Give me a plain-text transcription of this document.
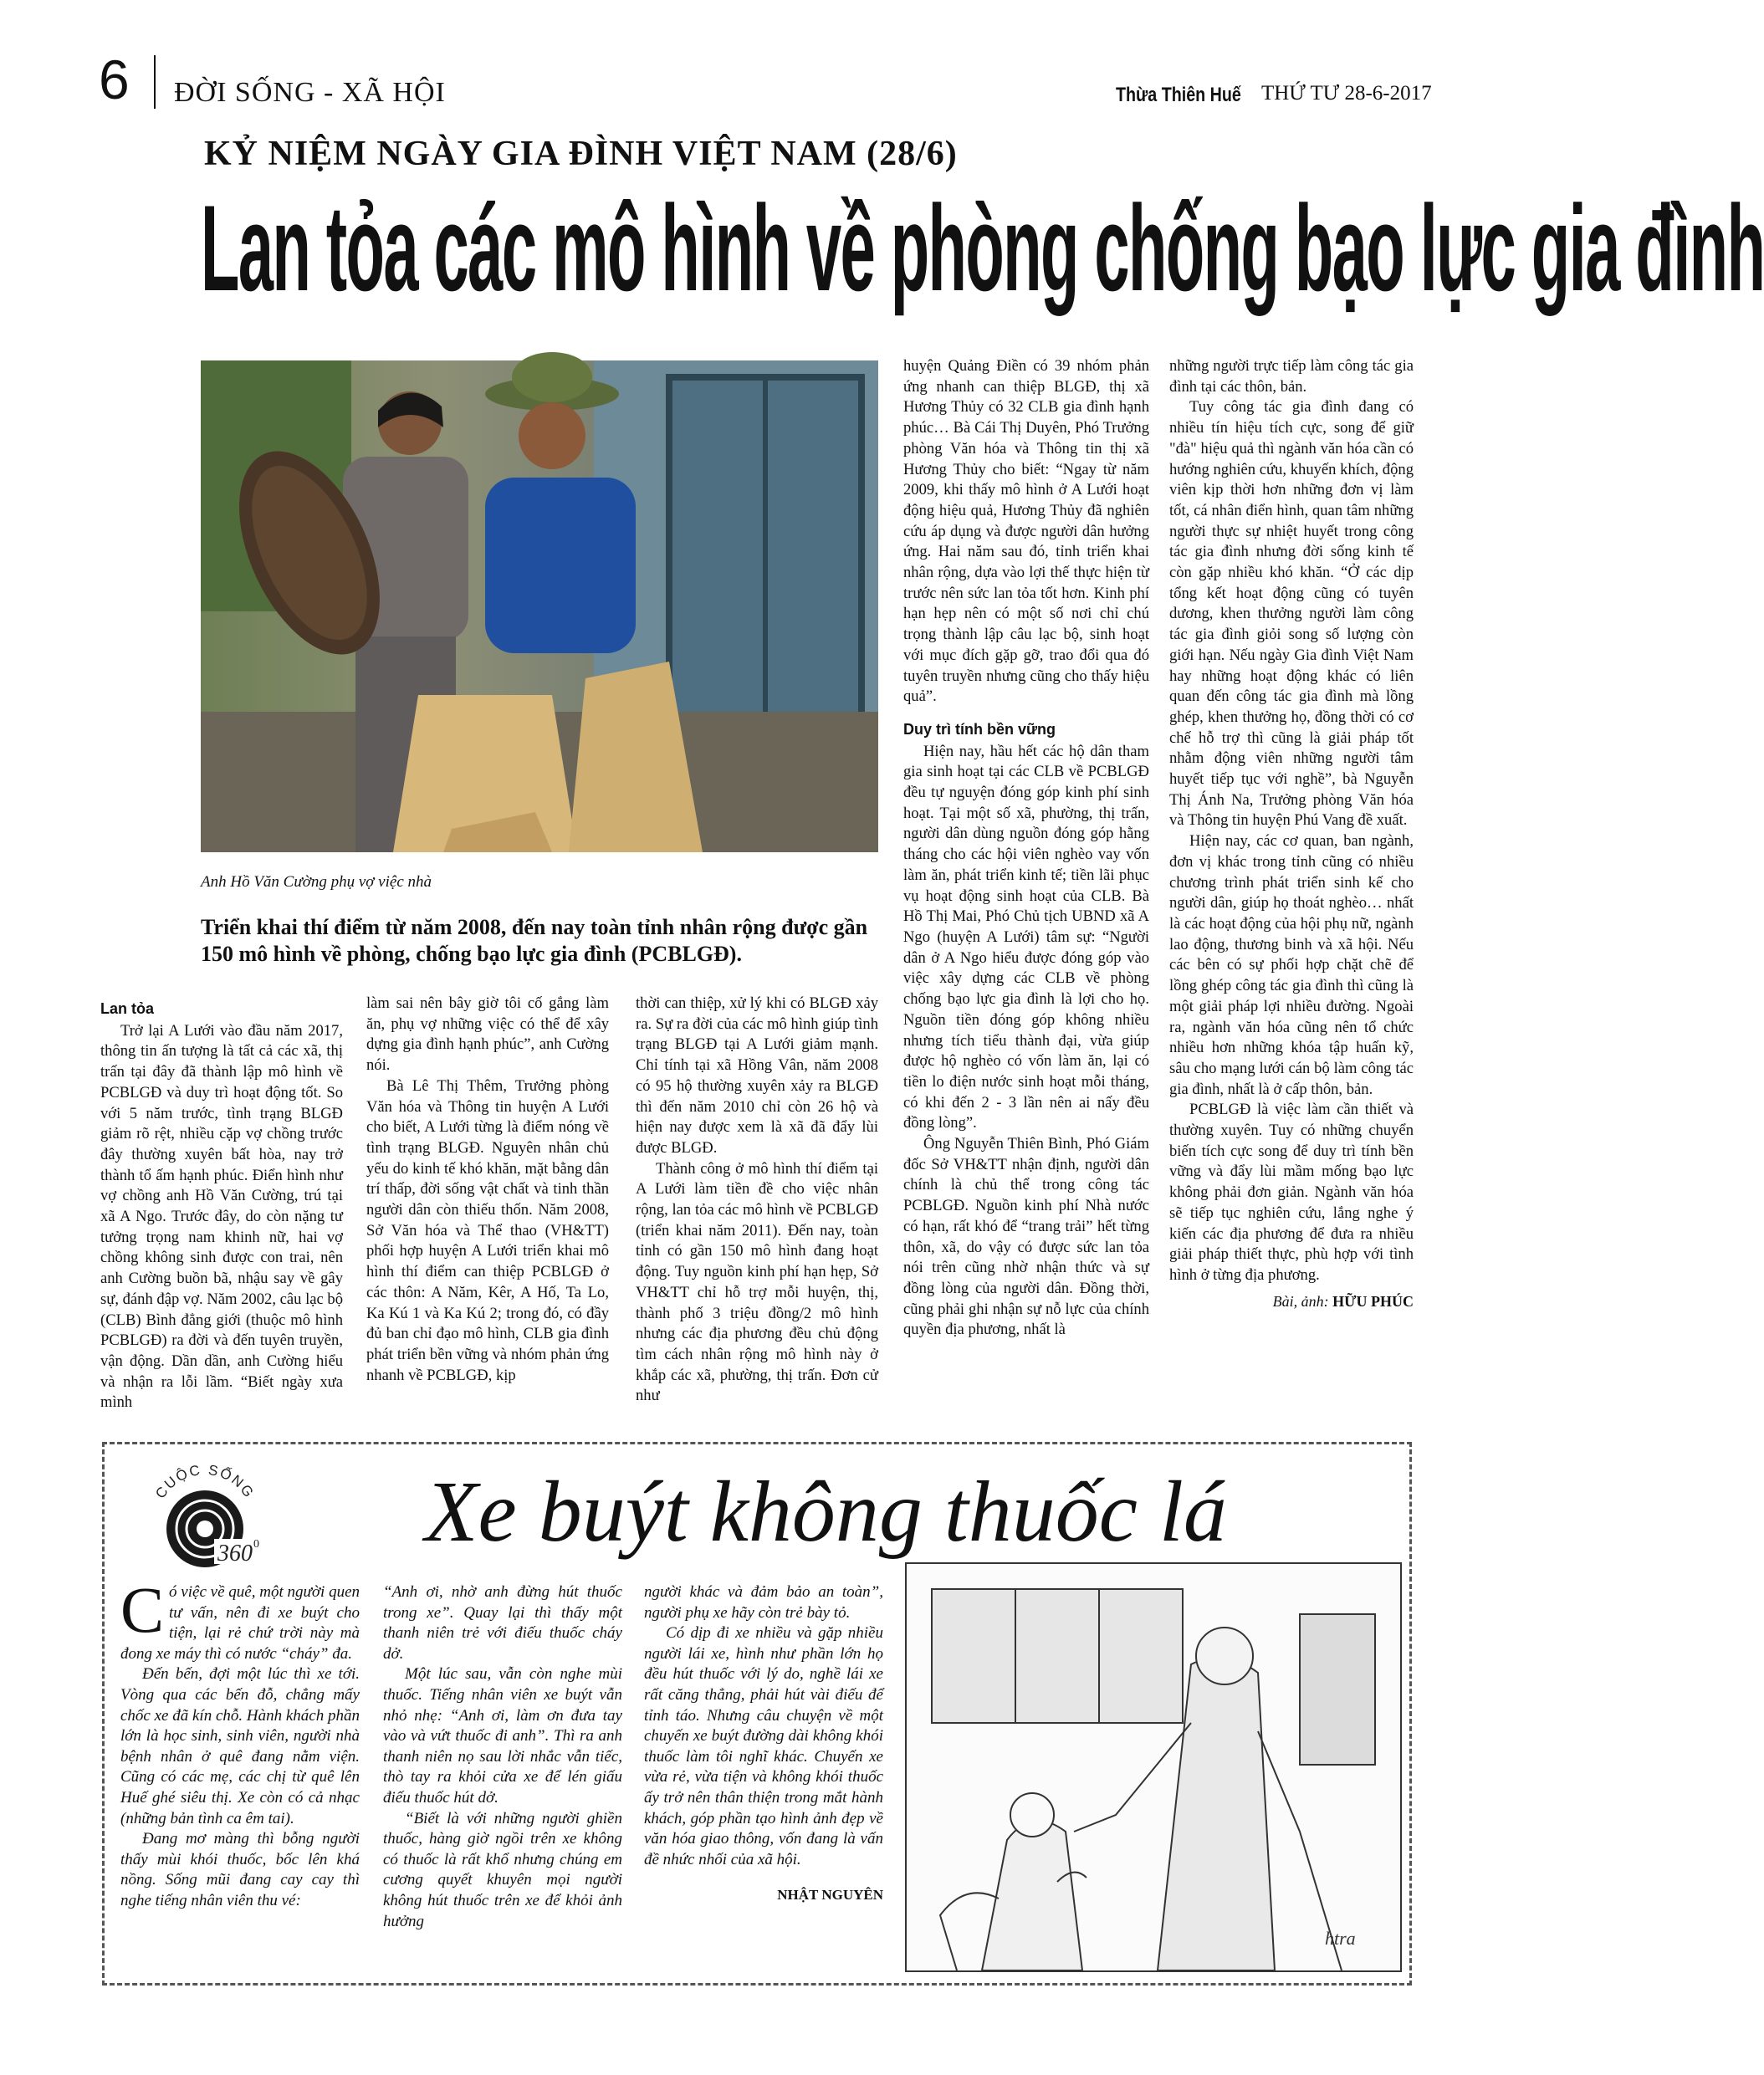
6 ĐỜI SỐNG - XÃ HỘI	Thừa Thiên Huế THỨ TƯ 28-6-2017
KỶ NIỆM NGÀY GIA ĐÌNH VIỆT NAM (28/6)
Lan tỏa các mô hình về phòng chống bạo lực gia đình
Anh Hồ Văn Cường phụ vợ việc nhà
Triển khai thí điểm từ năm 2008, đến nay toàn tỉnh nhân rộng được gần 150 mô hình về phòng, chống bạo lực gia đình (PCBLGĐ).
Lan tỏa

Trở lại A Lưới vào đầu năm 2017, thông tin ấn tượng là tất cả các xã, thị trấn tại đây đã thành lập mô hình về PCBLGĐ và duy trì hoạt động tốt. So với 5 năm trước, tình trạng BLGĐ giảm rõ rệt, nhiều cặp vợ chồng trước đây thường xuyên bất hòa, nay trở thành tổ ấm hạnh phúc. Điển hình như vợ chồng anh Hồ Văn Cường, trú tại xã A Ngo. Trước đây, do còn nặng tư tưởng trọng nam khinh nữ, hai vợ chồng không sinh được con trai, nên anh Cường buồn bã, nhậu say về gây sự, đánh đập vợ. Năm 2002, câu lạc bộ (CLB) Bình đẳng giới (thuộc mô hình PCBLGĐ) ra đời và đến tuyên truyền, vận động. Dần dần, anh Cường hiểu và nhận ra lỗi lầm. “Biết ngày xưa mình

làm sai nên bây giờ tôi cố gắng làm ăn, phụ vợ những việc có thể để xây dựng gia đình hạnh phúc”, anh Cường nói.

Bà Lê Thị Thêm, Trưởng phòng Văn hóa và Thông tin huyện A Lưới cho biết, A Lưới từng là điểm nóng về tình trạng BLGĐ. Nguyên nhân chủ yếu do kinh tế khó khăn, mặt bằng dân trí thấp, đời sống vật chất và tinh thần người dân còn thiếu thốn. Năm 2008, Sở Văn hóa và Thể thao (VH&TT) phối hợp huyện A Lưới triển khai mô hình thí điểm can thiệp PCBLGĐ ở các thôn: A Năm, Kêr, A Hố, Ta Lo, Ka Kú 1 và Ka Kú 2; trong đó, có đầy đủ ban chỉ đạo mô hình, CLB gia đình phát triển bền vững và nhóm phản ứng nhanh về PCBLGĐ, kịp

thời can thiệp, xử lý khi có BLGĐ xảy ra. Sự ra đời của các mô hình giúp tình trạng BLGĐ tại A Lưới giảm mạnh. Chỉ tính tại xã Hồng Vân, năm 2008 có 95 hộ thường xuyên xảy ra BLGĐ thì đến năm 2010 chỉ còn 26 hộ và hiện nay được xem là xã đã đẩy lùi được BLGĐ.

Thành công ở mô hình thí điểm tại A Lưới làm tiền đề cho việc nhân rộng, lan tỏa các mô hình về PCBLGĐ (triển khai năm 2011). Đến nay, toàn tỉnh có gần 150 mô hình đang hoạt động. Tuy nguồn kinh phí hạn hẹp, Sở VH&TT chỉ hỗ trợ mỗi huyện, thị, thành phố 3 triệu đồng/2 mô hình nhưng các địa phương đều chủ động tìm cách nhân rộng mô hình này ở khắp các xã, phường, thị trấn. Đơn cử như

huyện Quảng Điền có 39 nhóm phản ứng nhanh can thiệp BLGĐ, thị xã Hương Thủy có 32 CLB gia đình hạnh phúc… Bà Cái Thị Duyên, Phó Trưởng phòng Văn hóa và Thông tin thị xã Hương Thủy cho biết: “Ngay từ năm 2009, khi thấy mô hình ở A Lưới hoạt động hiệu quả, Hương Thủy đã nghiên cứu áp dụng và được người dân hưởng ứng. Hai năm sau đó, tỉnh triển khai nhân rộng, dựa vào lợi thế thực hiện từ trước nên sức lan tỏa tốt hơn. Kinh phí hạn hẹp nên có một số nơi chỉ chú trọng thành lập câu lạc bộ, sinh hoạt với mục đích gặp gỡ, trao đổi qua đó tuyên truyền nhưng cũng cho thấy hiệu quả”.

Duy trì tính bền vững

Hiện nay, hầu hết các hộ dân tham gia sinh hoạt tại các CLB về PCBLGĐ đều tự nguyện đóng góp kinh phí sinh hoạt. Tại một số xã, phường, thị trấn, người dân dùng nguồn đóng góp hằng tháng cho các hội viên nghèo vay vốn làm ăn, phát triển kinh tế; tiền lãi phục vụ hoạt động sinh hoạt của CLB. Bà Hồ Thị Mai, Phó Chủ tịch UBND xã A Ngo (huyện A Lưới) tâm sự: “Người dân ở A Ngo hiểu được đóng góp vào việc xây dựng các CLB về phòng chống bạo lực gia đình là lợi cho họ. Nguồn tiền đóng góp không nhiều nhưng tích tiểu thành đại, vừa giúp được hộ nghèo có vốn làm ăn, lại có tiền lo điện nước sinh hoạt mỗi tháng, có khi đến 2 - 3 lần nên ai nấy đều đồng lòng”.

Ông Nguyễn Thiên Bình, Phó Giám đốc Sở VH&TT nhận định, người dân chính là chủ thể trong công tác PCBLGĐ. Nguồn kinh phí Nhà nước có hạn, rất khó để “trang trải” hết từng thôn, xã, do vậy có được sức lan tỏa nói trên cũng nhờ nhận thức và sự đồng lòng của người dân. Đồng thời, cũng phải ghi nhận sự nỗ lực của chính quyền địa phương, nhất là

những người trực tiếp làm công tác gia đình tại các thôn, bản.

Tuy công tác gia đình đang có nhiều tín hiệu tích cực, song để giữ "đà" hiệu quả thì ngành văn hóa cần có hướng nghiên cứu, khuyến khích, động viên kịp thời hơn những đơn vị làm tốt, cá nhân điển hình, quan tâm những người thực sự nhiệt huyết trong công tác gia đình nhưng đời sống kinh tế còn gặp nhiều khó khăn. “Ở các dịp tổng kết hoạt động cũng có tuyên dương, khen thưởng người làm công tác gia đình giỏi song số lượng còn giới hạn. Nếu ngày Gia đình Việt Nam hay những hoạt động khác có liên quan đến công tác gia đình mà lồng ghép, khen thưởng họ, đồng thời có cơ chế hỗ trợ thì cũng là giải pháp tốt nhằm động viên những người tâm huyết tiếp tục với nghề”, bà Nguyễn Thị Ánh Na, Trưởng phòng Văn hóa và Thông tin huyện Phú Vang đề xuất.

Hiện nay, các cơ quan, ban ngành, đơn vị khác trong tỉnh cũng có nhiều chương trình phát triển sinh kế cho người dân, giúp họ thoát nghèo… nhất là các hoạt động của hội phụ nữ, ngành lao động, thương binh và xã hội. Nếu các bên có sự phối hợp chặt chẽ để lồng ghép công tác gia đình thì cũng là một giải pháp lợi nhiều đường. Ngoài ra, ngành văn hóa cũng nên tổ chức nhiều hơn những khóa tập huấn kỹ, sâu cho mạng lưới cán bộ làm công tác gia đình, nhất là ở cấp thôn, bản.

PCBLGĐ là việc làm cần thiết và thường xuyên. Tuy có những chuyển biến tích cực song để duy trì tính bền vững và đẩy lùi mầm mống bạo lực không phải đơn giản. Ngành văn hóa sẽ tiếp tục nghiên cứu, lắng nghe ý kiến các địa phương để đưa ra nhiều giải pháp thiết thực, phù hợp với tình hình ở từng địa phương.

Bài, ảnh: HỮU PHÚC
CUỘC SỐNG
360 0 Xe buýt không thuốc lá

Có việc về quê, một người quen tư vấn, nên đi xe buýt cho tiện, lại rẻ chứ trời này mà đong xe máy thì có nước “cháy” đa.

Đến bến, đợi một lúc thì xe tới. Vòng qua các bến đỗ, chẳng mấy chốc xe đã kín chỗ. Hành khách phần lớn là học sinh, sinh viên, người nhà bệnh nhân ở quê đang nằm viện. Cũng có các mẹ, các chị từ quê lên Huế ghé siêu thị. Xe còn có cả nhạc (những bản tình ca êm tai).

Đang mơ màng thì bỗng người thấy mùi khói thuốc, bốc lên khá nồng. Sống mũi đang cay cay thì nghe tiếng nhân viên thu vé:

“Anh ơi, nhờ anh đừng hút thuốc trong xe”. Quay lại thì thấy một thanh niên trẻ với điếu thuốc cháy dở.

Một lúc sau, vẫn còn nghe mùi thuốc. Tiếng nhân viên xe buýt vẫn nhỏ nhẹ: “Anh ơi, làm ơn đưa tay vào và vứt thuốc đi anh”. Thì ra anh thanh niên nọ sau lời nhắc vẫn tiếc, thò tay ra khỏi cửa xe để lén giấu điếu thuốc hút dở.

“Biết là với những người ghiền thuốc, hàng giờ ngồi trên xe không có thuốc là rất khổ nhưng chúng em cương quyết khuyên mọi người không hút thuốc trên xe để khỏi ảnh hưởng

người khác và đảm bảo an toàn”, người phụ xe hãy còn trẻ bày tỏ.

Có dịp đi xe nhiều và gặp nhiều người lái xe, hình như phần lớn họ đều hút thuốc với lý do, nghề lái xe rất căng thẳng, phải hút vài điếu để tỉnh táo. Nhưng câu chuyện về một chuyến xe buýt đường dài không khói thuốc làm tôi nghĩ khác. Chuyến xe vừa rẻ, vừa tiện và không khói thuốc ấy trở nên thân thiện trong mắt hành khách, góp phần tạo hình ảnh đẹp về văn hóa giao thông, vốn đang là vấn đề nhức nhối của xã hội.

NHẬT NGUYÊN
htra
